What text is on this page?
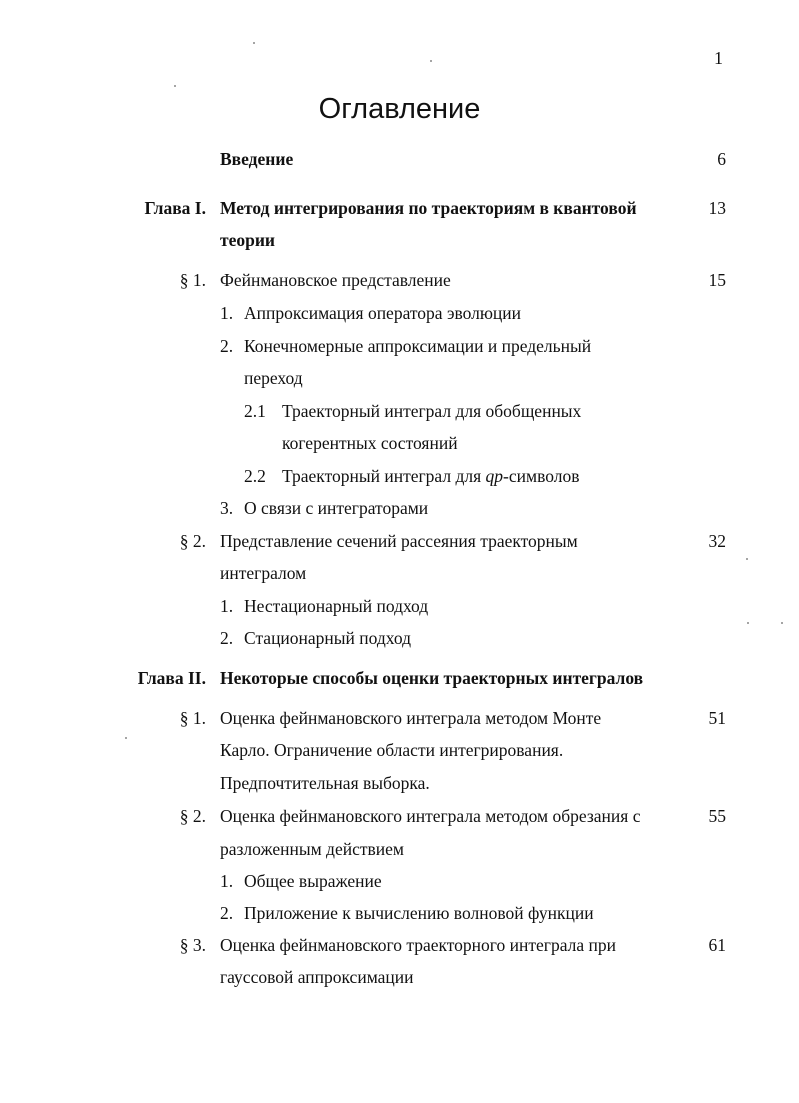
1
Оглавление
Введение	6
Глава I. Метод интегрирования по траекториям в квантовой
теории
13
§ 1. Фейнмановское представление	15
1. Аппроксимация оператора эволюции
2. Конечномерные аппроксимации и предельный
переход
2.1 Траекторный интеграл для обобщенных
когерентных состояний
2.2 Траекторный интеграл для qp-символов
3. О связи с интеграторами
§ 2. Представление сечений рассеяния траекторным
интегралом
32
1. Нестационарный подход
2. Стационарный подход
Глава II. Некоторые способы оценки траекторных интегралов
§ 1. Оценка фейнмановского интеграла методом Монте
Карло. Ограничение области интегрирования.
Предпочтительная выборка.
51
§ 2. Оценка фейнмановского интеграла методом обрезания с
разложенным действием
55
1. Общее выражение
2. Приложение к вычислению волновой функции
§ 3. Оценка фейнмановского траекторного интеграла при
гауссовой аппроксимации
61
